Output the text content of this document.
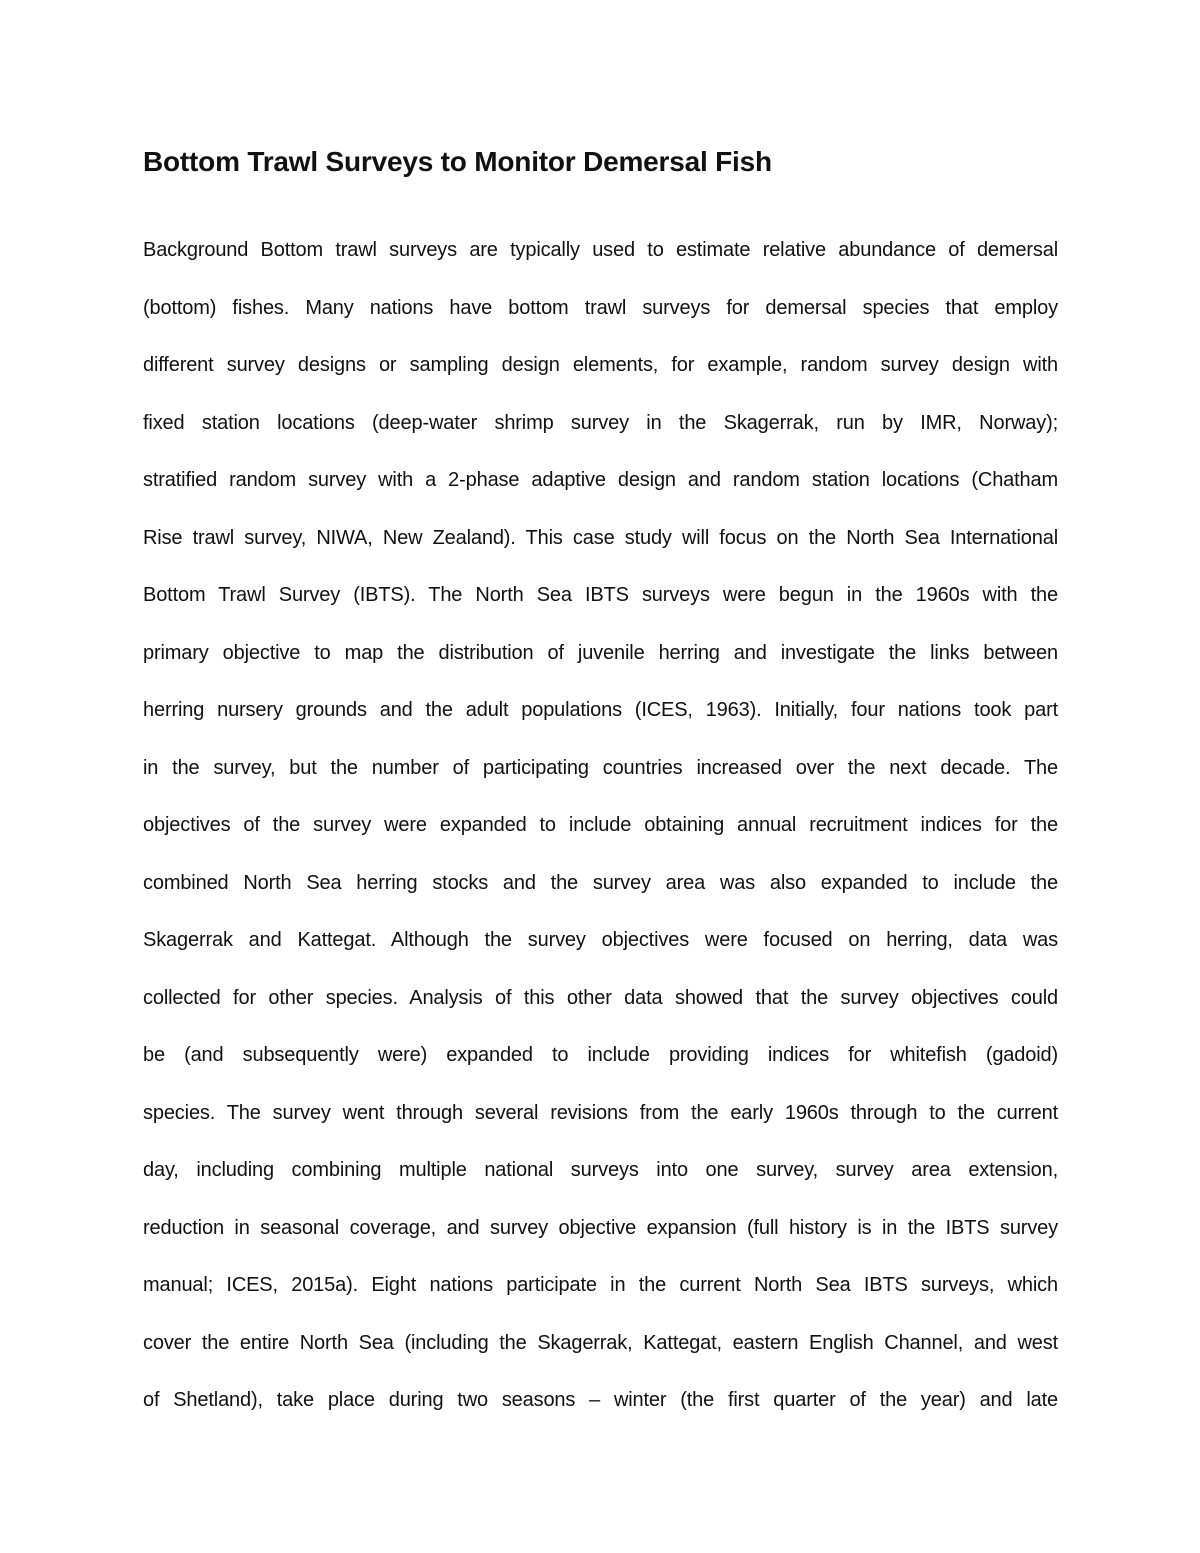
Bottom Trawl Surveys to Monitor Demersal Fish
Background Bottom trawl surveys are typically used to estimate relative abundance of demersal
(bottom) fishes. Many nations have bottom trawl surveys for demersal species that employ
different survey designs or sampling design elements, for example, random survey design with
fixed station locations (deep-water shrimp survey in the Skagerrak, run by IMR, Norway);
stratified random survey with a 2-phase adaptive design and random station locations (Chatham
Rise trawl survey, NIWA, New Zealand). This case study will focus on the North Sea International
Bottom Trawl Survey (IBTS). The North Sea IBTS surveys were begun in the 1960s with the
primary objective to map the distribution of juvenile herring and investigate the links between
herring nursery grounds and the adult populations (ICES, 1963). Initially, four nations took part
in the survey, but the number of participating countries increased over the next decade. The
objectives of the survey were expanded to include obtaining annual recruitment indices for the
combined North Sea herring stocks and the survey area was also expanded to include the
Skagerrak and Kattegat. Although the survey objectives were focused on herring, data was
collected for other species. Analysis of this other data showed that the survey objectives could
be (and subsequently were) expanded to include providing indices for whitefish (gadoid)
species. The survey went through several revisions from the early 1960s through to the current
day, including combining multiple national surveys into one survey, survey area extension,
reduction in seasonal coverage, and survey objective expansion (full history is in the IBTS survey
manual; ICES, 2015a). Eight nations participate in the current North Sea IBTS surveys, which
cover the entire North Sea (including the Skagerrak, Kattegat, eastern English Channel, and west
of Shetland), take place during two seasons – winter (the first quarter of the year) and late
